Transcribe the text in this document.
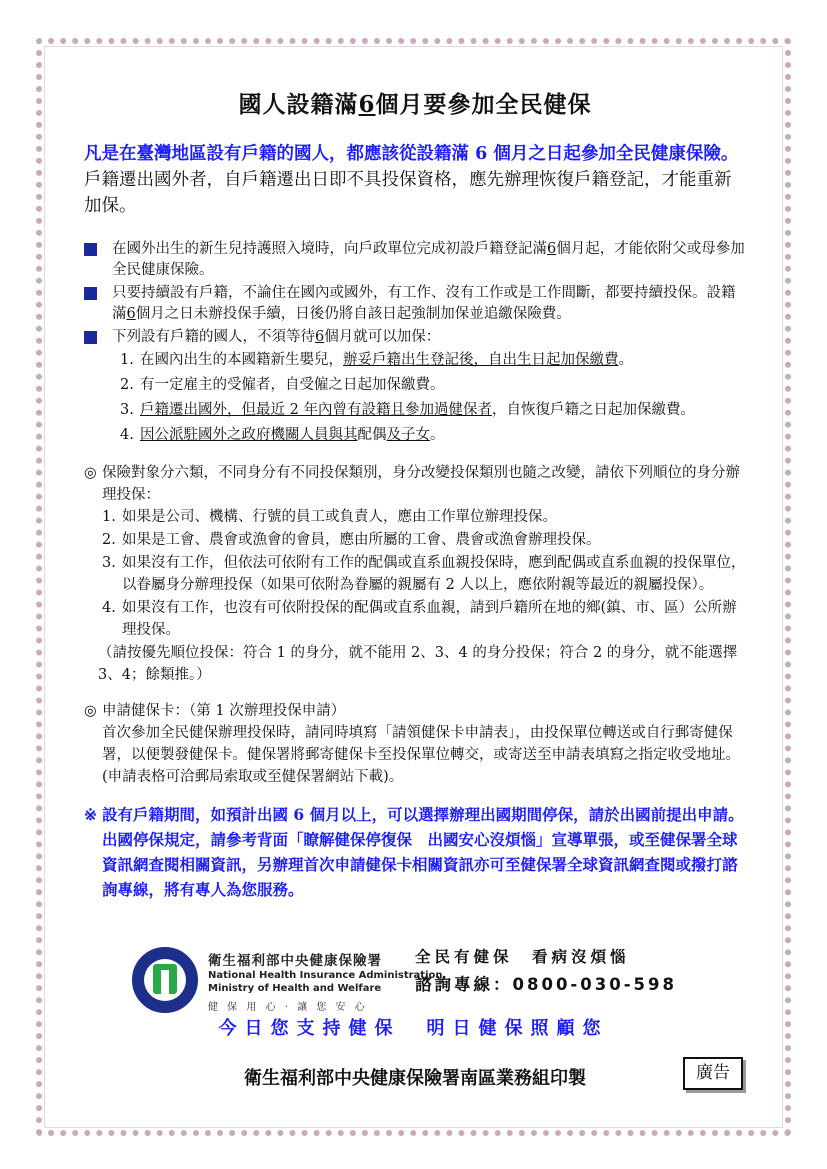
國人設籍滿6個月要參加全民健保

凡是在臺灣地區設有戶籍的國人，都應該從設籍滿 6 個月之日起參加全民健康保險。戶籍遷出國外者，自戶籍遷出日即不具投保資格，應先辦理恢復戶籍登記，才能重新加保。

在國外出生的新生兒持護照入境時，向戶政單位完成初設戶籍登記滿6個月起，才能依附父或母參加全民健康保險。
只要持續設有戶籍，不論住在國內或國外，有工作、沒有工作或是工作間斷，都要持續投保。設籍滿6個月之日未辦投保手續，日後仍將自該日起強制加保並追繳保險費。
下列設有戶籍的國人，不須等待6個月就可以加保：
1. 在國內出生的本國籍新生嬰兒，辦妥戶籍出生登記後，自出生日起加保繳費。
2. 有一定雇主的受僱者，自受僱之日起加保繳費。
3. 戶籍遷出國外，但最近 2 年內曾有設籍且參加過健保者，自恢復戶籍之日起加保繳費。
4. 因公派駐國外之政府機關人員與其配偶及子女。
◎ 保險對象分六類，不同身分有不同投保類別，身分改變投保類別也隨之改變，請依下列順位的身分辦理投保：
1. 如果是公司、機構、行號的員工或負責人，應由工作單位辦理投保。
2. 如果是工會、農會或漁會的會員，應由所屬的工會、農會或漁會辦理投保。
3. 如果沒有工作，但依法可依附有工作的配偶或直系血親投保時，應到配偶或直系血親的投保單位，以眷屬身分辦理投保（如果可依附為眷屬的親屬有 2 人以上，應依附親等最近的親屬投保）。
4. 如果沒有工作，也沒有可依附投保的配偶或直系血親，請到戶籍所在地的鄉(鎮、市、區）公所辦理投保。
（請按優先順位投保：符合 1 的身分，就不能用 2、3、4 的身分投保；符合 2 的身分，就不能選擇 3、4；餘類推。）
◎ 申請健保卡：（第 1 次辦理投保申請）
首次參加全民健保辦理投保時，請同時填寫「請領健保卡申請表」，由投保單位轉送或自行郵寄健保署，以便製發健保卡。健保署將郵寄健保卡至投保單位轉交，或寄送至申請表填寫之指定收受地址。(申請表格可洽郵局索取或至健保署網站下載)。
※ 設有戶籍期間，如預計出國 6 個月以上，可以選擇辦理出國期間停保，請於出國前提出申請。出國停保規定，請參考背面「瞭解健保停復保　出國安心沒煩惱」宣導單張，或至健保署全球資訊網查閱相關資訊，另辦理首次申請健保卡相關資訊亦可至健保署全球資訊網查閱或撥打諮詢專線，將有專人為您服務。
衛生福利部中央健康保險署
National Health Insurance Administration,
Ministry of Health and Welfare
健 保 用 心 · 讓 您 安 心
全民有健保　看病沒煩惱
諮詢專線：0800-030-598
今日您支持健保　明日健保照顧您
衛生福利部中央健康保險署南區業務組印製	廣告
